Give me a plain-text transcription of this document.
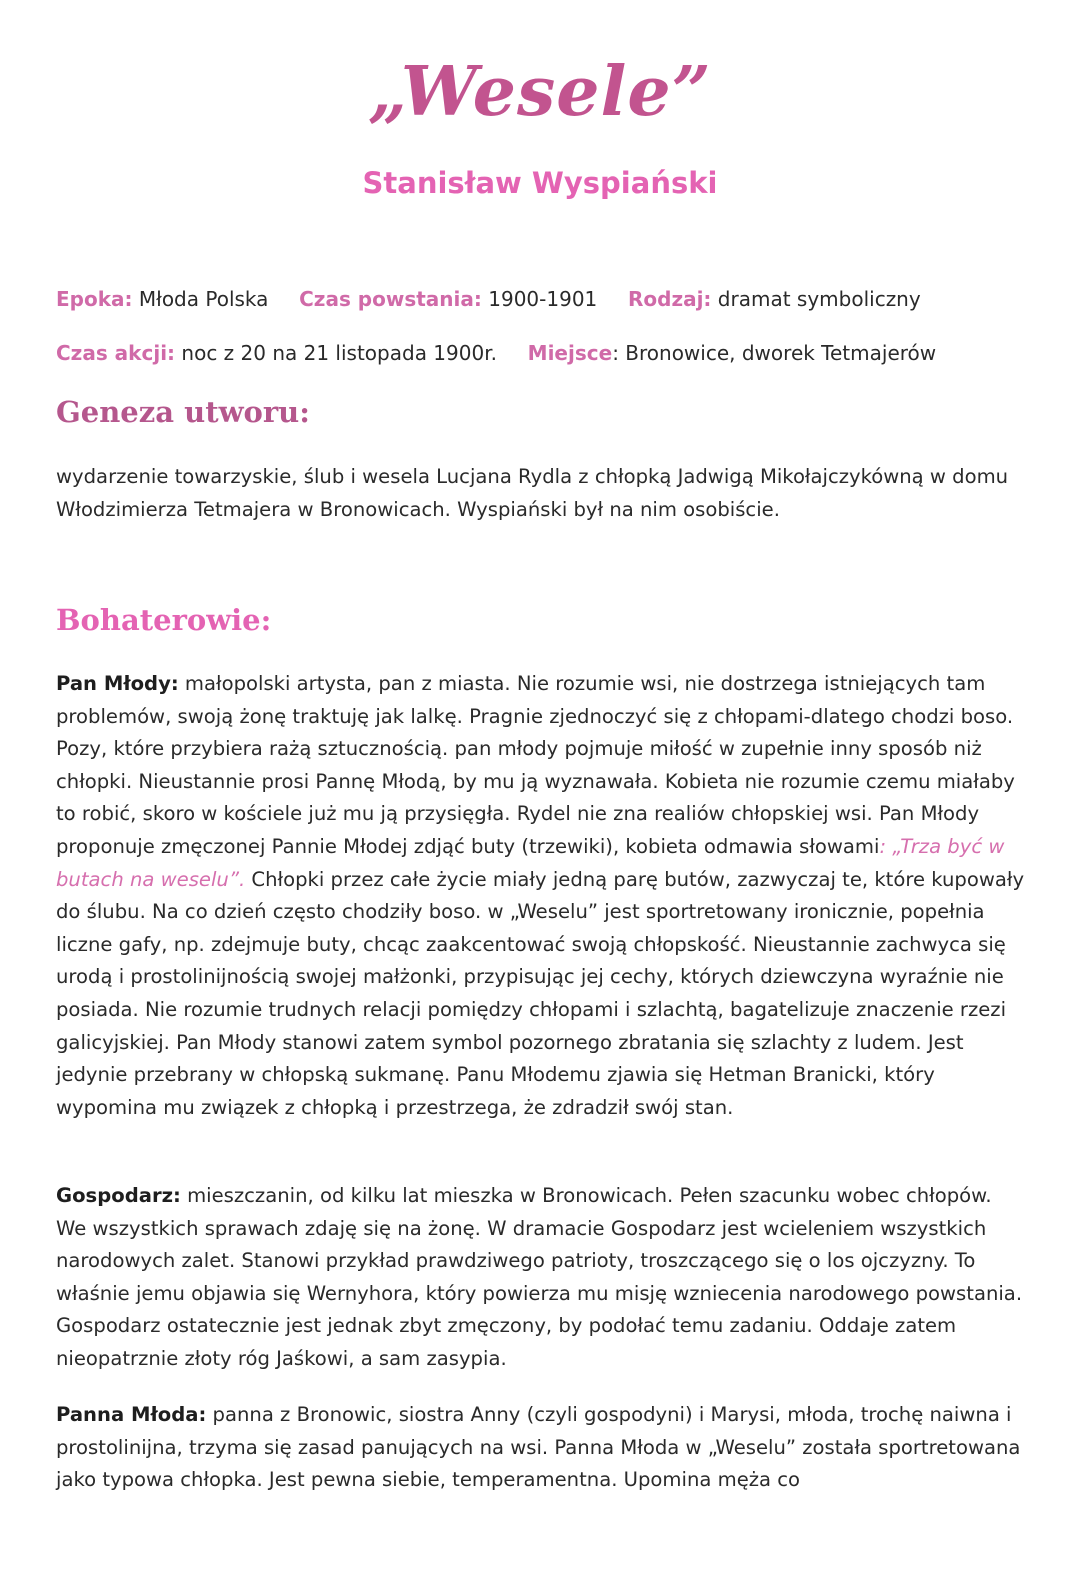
„Wesele”
Stanisław Wyspiański
Epoka: Młoda Polska Czas powstania: 1900-1901 Rodzaj: dramat symboliczny
Czas akcji: noc z 20 na 21 listopada 1900r. Miejsce: Bronowice, dworek Tetmajerów
Geneza utworu:
wydarzenie towarzyskie, ślub i wesela Lucjana Rydla z chłopką Jadwigą Mikołajczykówną w domu Włodzimierza Tetmajera w Bronowicach. Wyspiański był na nim osobiście.
Bohaterowie:
Pan Młody: małopolski artysta, pan z miasta. Nie rozumie wsi, nie dostrzega istniejących tam problemów, swoją żonę traktuję jak lalkę. Pragnie zjednoczyć się z chłopami-dlatego chodzi boso. Pozy, które przybiera rażą sztucznością. pan młody pojmuje miłość w zupełnie inny sposób niż chłopki. Nieustannie prosi Pannę Młodą, by mu ją wyznawała. Kobieta nie rozumie czemu miałaby to robić, skoro w kościele już mu ją przysięgła. Rydel nie zna realiów chłopskiej wsi. Pan Młody proponuje zmęczonej Pannie Młodej zdjąć buty (trzewiki), kobieta odmawia słowami: „Trza być w butach na weselu”. Chłopki przez całe życie miały jedną parę butów, zazwyczaj te, które kupowały do ślubu. Na co dzień często chodziły boso. w „Weselu” jest sportretowany ironicznie, popełnia liczne gafy, np. zdejmuje buty, chcąc zaakcentować swoją chłopskość. Nieustannie zachwyca się urodą i prostolinijnością swojej małżonki, przypisując jej cechy, których dziewczyna wyraźnie nie posiada. Nie rozumie trudnych relacji pomiędzy chłopami i szlachtą, bagatelizuje znaczenie rzezi galicyjskiej. Pan Młody stanowi zatem symbol pozornego zbratania się szlachty z ludem. Jest jedynie przebrany w chłopską sukmanę. Panu Młodemu zjawia się Hetman Branicki, który wypomina mu związek z chłopką i przestrzega, że zdradził swój stan.
Gospodarz: mieszczanin, od kilku lat mieszka w Bronowicach. Pełen szacunku wobec chłopów. We wszystkich sprawach zdaję się na żonę. W dramacie Gospodarz jest wcieleniem wszystkich narodowych zalet. Stanowi przykład prawdziwego patrioty, troszczącego się o los ojczyzny. To właśnie jemu objawia się Wernyhora, który powierza mu misję wzniecenia narodowego powstania. Gospodarz ostatecznie jest jednak zbyt zmęczony, by podołać temu zadaniu. Oddaje zatem nieopatrznie złoty róg Jaśkowi, a sam zasypia.
Panna Młoda: panna z Bronowic, siostra Anny (czyli gospodyni) i Marysi, młoda, trochę naiwna i prostolinijna, trzyma się zasad panujących na wsi. Panna Młoda w „Weselu” została sportretowana jako typowa chłopka. Jest pewna siebie, temperamentna. Upomina męża co
